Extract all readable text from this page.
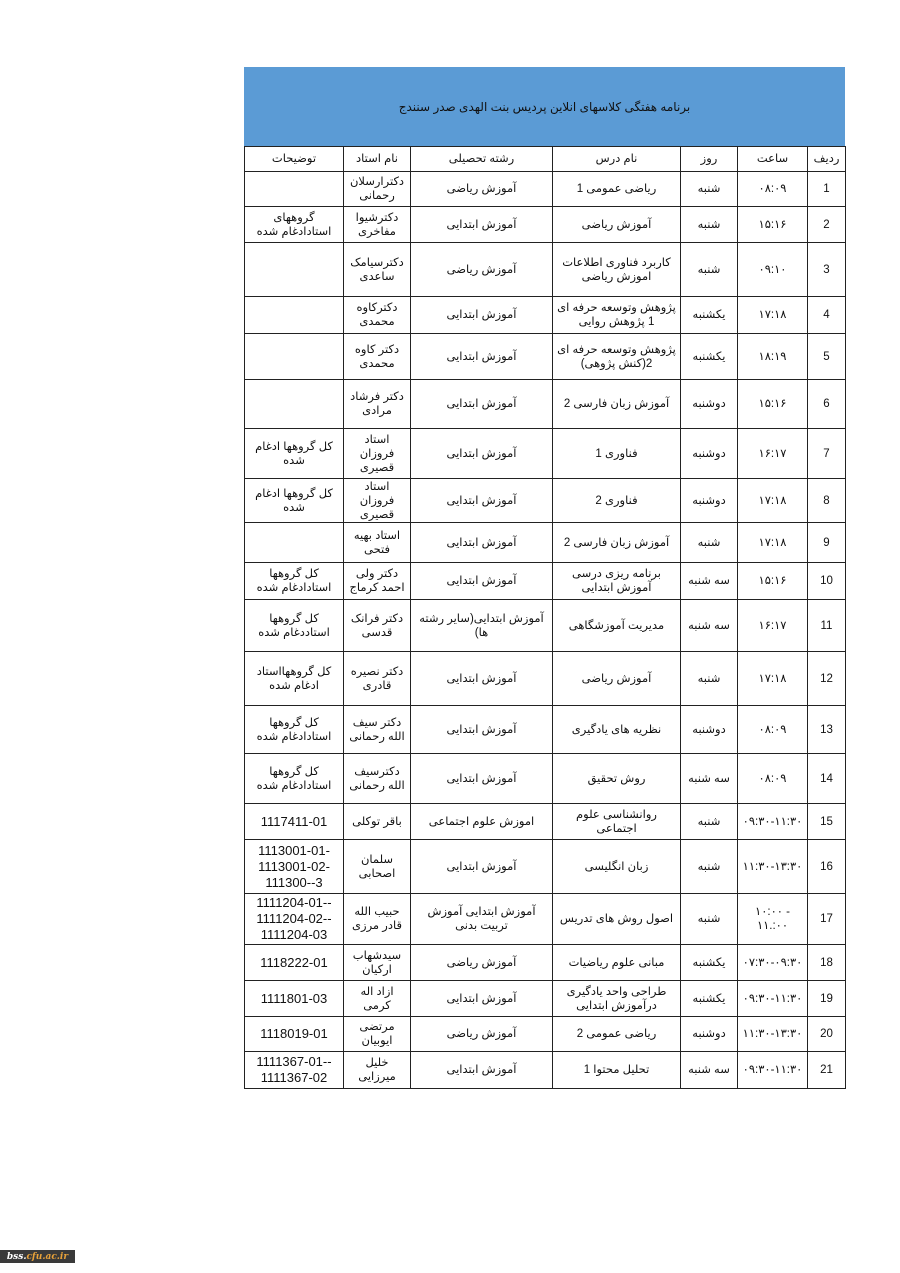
برنامه هفتگی کلاسهای انلاین پردیس بنت الهدی صدر سنندج
ردیف	ساعت	روز	نام درس	رشته تحصیلی	نام استاد	توضیحات
1	۰۸:۰۹	شنبه	ریاضی عمومی 1	آموزش ریاضی	دکترارسلان رحمانی	
2	۱۵:۱۶	شنبه	آموزش ریاضی	آموزش ابتدایی	دکترشیوا مفاخری	گروههای استادادغام شده
3	۰۹:۱۰	شنبه	کاربرد فناوری اطلاعات اموزش ریاضی	آموزش ریاضی	دکترسیامک ساعدی	
4	۱۷:۱۸	یکشنبه	پژوهش وتوسعه حرفه ای 1 پژوهش روایی	آموزش ابتدایی	دکترکاوه محمدی	
5	۱۸:۱۹	یکشنبه	پژوهش وتوسعه حرفه ای 2(کنش پژوهی)	آموزش ابتدایی	دکتر کاوه محمدی	
6	۱۵:۱۶	دوشنبه	آموزش زبان فارسی 2	آموزش ابتدایی	دکتر فرشاد مرادی	
7	۱۶:۱۷	دوشنبه	فناوری 1	آموزش ابتدایی	استاد فروزان قصیری	کل گروهها ادغام شده
8	۱۷:۱۸	دوشنبه	فناوری 2	آموزش ابتدایی	استاد فروزان قصیری	کل گروهها ادغام شده
9	۱۷:۱۸	شنبه	آموزش زبان فارسی 2	آموزش ابتدایی	استاد بهیه فتحی	
10	۱۵:۱۶	سه شنبه	برنامه ریزی درسی آموزش ابتدایی	آموزش ابتدایی	دکتر ولی احمد کرماج	کل گروهها استادادغام شده
11	۱۶:۱۷	سه شنبه	مدیریت آموزشگاهی	آموزش ابتدایی(سایر رشته ها)	دکتر فرانک قدسی	کل گروهها استاددغام شده
12	۱۷:۱۸	شنبه	آموزش ریاضی	آموزش ابتدایی	دکتر نصیره قادری	کل گروههااستاد ادغام شده
13	۰۸:۰۹	دوشنبه	نظریه های یادگیری	آموزش ابتدایی	دکتر سیف الله رحمانی	کل گروهها استادادغام شده
14	۰۸:۰۹	سه شنبه	روش تحقیق	آموزش ابتدایی	دکترسیف الله رحمانی	کل گروهها استادادغام شده
15	۰۹:۳۰-۱۱:۳۰	شنبه	روانشناسی علوم اجتماعی	اموزش علوم اجتماعی	باقر توکلی	1117411-01
16	۱۱:۳۰-۱۳:۳۰	شنبه	زبان انگلیسی	آموزش ابتدایی	سلمان اصحابی	1113001-01- 1113001-02- 111300--3
17	۱۰:۰۰ - ۱۱.:۰۰	شنبه	اصول روش های تدریس	آموزش ابتدایی آموزش تربیت بدنی	حبیب الله قادر مرزی	1111204-01-- 1111204-02-- 1111204-03
18	۰۷:۳۰-۰۹:۳۰	یکشنبه	مبانی علوم ریاضیات	آموزش ریاضی	سیدشهاب ارکیان	1118222-01
19	۰۹:۳۰-۱۱:۳۰	یکشنبه	طراحی واحد یادگیری درآموزش ابتدایی	آموزش ابتدایی	ازاد اله کرمی	1111801-03
20	۱۱:۳۰-۱۳:۳۰	دوشنبه	ریاضی عمومی 2	آموزش ریاضی	مرتضی ایوبیان	1118019-01
21	۰۹:۳۰-۱۱:۳۰	سه شنبه	تحلیل محتوا 1	آموزش ابتدایی	خلیل میرزایی	1111367-01-- 1111367-02
bss. cfu.ac.ir
